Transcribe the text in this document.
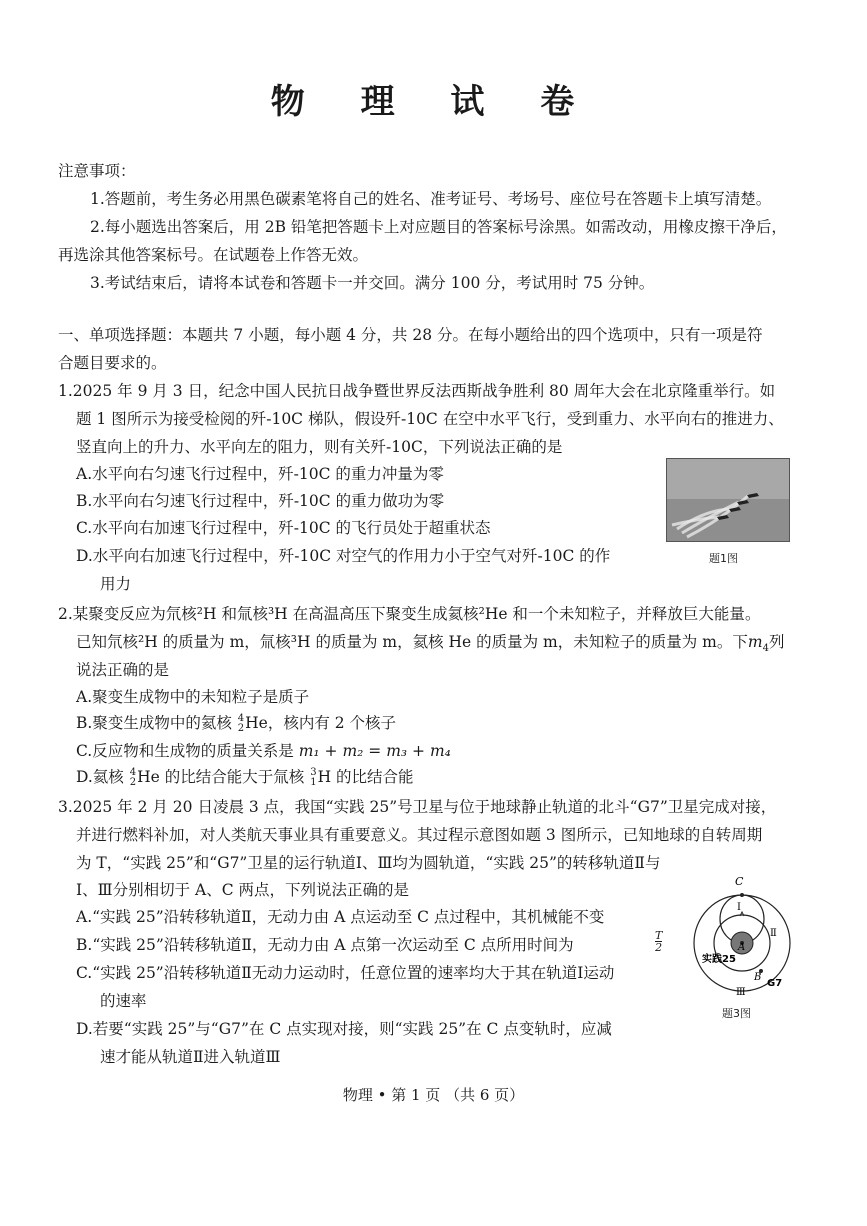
物 理 试 卷
注意事项：
1.答题前，考生务必用黑色碳素笔将自己的姓名、准考证号、考场号、座位号在答题卡上填写清楚。
2.每小题选出答案后，用 2B 铅笔把答题卡上对应题目的答案标号涂黑。如需改动，用橡皮擦干净后，
再选涂其他答案标号。在试题卷上作答无效。
3.考试结束后，请将本试卷和答题卡一并交回。满分 100 分，考试用时 75 分钟。
一、单项选择题：本题共 7 小题，每小题 4 分，共 28 分。在每小题给出的四个选项中，只有一项是符
合题目要求的。
1.2025 年 9 月 3 日，纪念中国人民抗日战争暨世界反法西斯战争胜利 80 周年大会在北京隆重举行。如
题 1 图所示为接受检阅的歼-10C 梯队，假设歼-10C 在空中水平飞行，受到重力、水平向右的推进力、
竖直向上的升力、水平向左的阻力，则有关歼-10C，下列说法正确的是
A.水平向右匀速飞行过程中，歼-10C 的重力冲量为零
B.水平向右匀速飞行过程中，歼-10C 的重力做功为零
C.水平向右加速飞行过程中，歼-10C 的飞行员处于超重状态
D.水平向右加速飞行过程中，歼-10C 对空气的作用力小于空气对歼-10C 的作
用力
题1图
2.某聚变反应为氘核²H 和氚核³H 在高温高压下聚变生成氦核²He 和一个未知粒子，并释放巨大能量。
已知氘核²H 的质量为 m，氚核³H 的质量为 m，氦核 He 的质量为 m，未知粒子的质量为 m。下$m_4$列
说法正确的是
A.聚变生成物中的未知粒子是质子
B.聚变生成物中的氦核 4
2 He，核内有 2 个核子
C.反应物和生成物的质量关系是 m₁ + m₂ = m₃ + m₄
D.氦核 4
2 He 的比结合能大于氚核 3
1 H 的比结合能
3.2025 年 2 月 20 日凌晨 3 点，我国“实践 25”号卫星与位于地球静止轨道的北斗“G7”卫星完成对接，
并进行燃料补加，对人类航天事业具有重要意义。其过程示意图如题 3 图所示，已知地球的自转周期
为 T，“实践 25”和“G7”卫星的运行轨道Ⅰ、Ⅲ均为圆轨道，“实践 25”的转移轨道Ⅱ与
Ⅰ、Ⅲ分别相切于 A、C 两点，下列说法正确的是
A.“实践 25”沿转移轨道Ⅱ，无动力由 A 点运动至 C 点过程中，其机械能不变
B.“实践 25”沿转移轨道Ⅱ，无动力由 A 点第一次运动至 C 点所用时间为	$\frac{T}{2}$
C.“实践 25”沿转移轨道Ⅱ无动力运动时，任意位置的速率均大于其在轨道Ⅰ运动
的速率
D.若要“实践 25”与“G7”在 C 点实现对接，则“实践 25”在 C 点变轨时，应减
速才能从轨道Ⅱ进入轨道Ⅲ
C
Ⅰ
Ⅱ
Ⅲ
A
B
实践25
G7
题3图
物理 • 第 1 页 （共 6 页）
